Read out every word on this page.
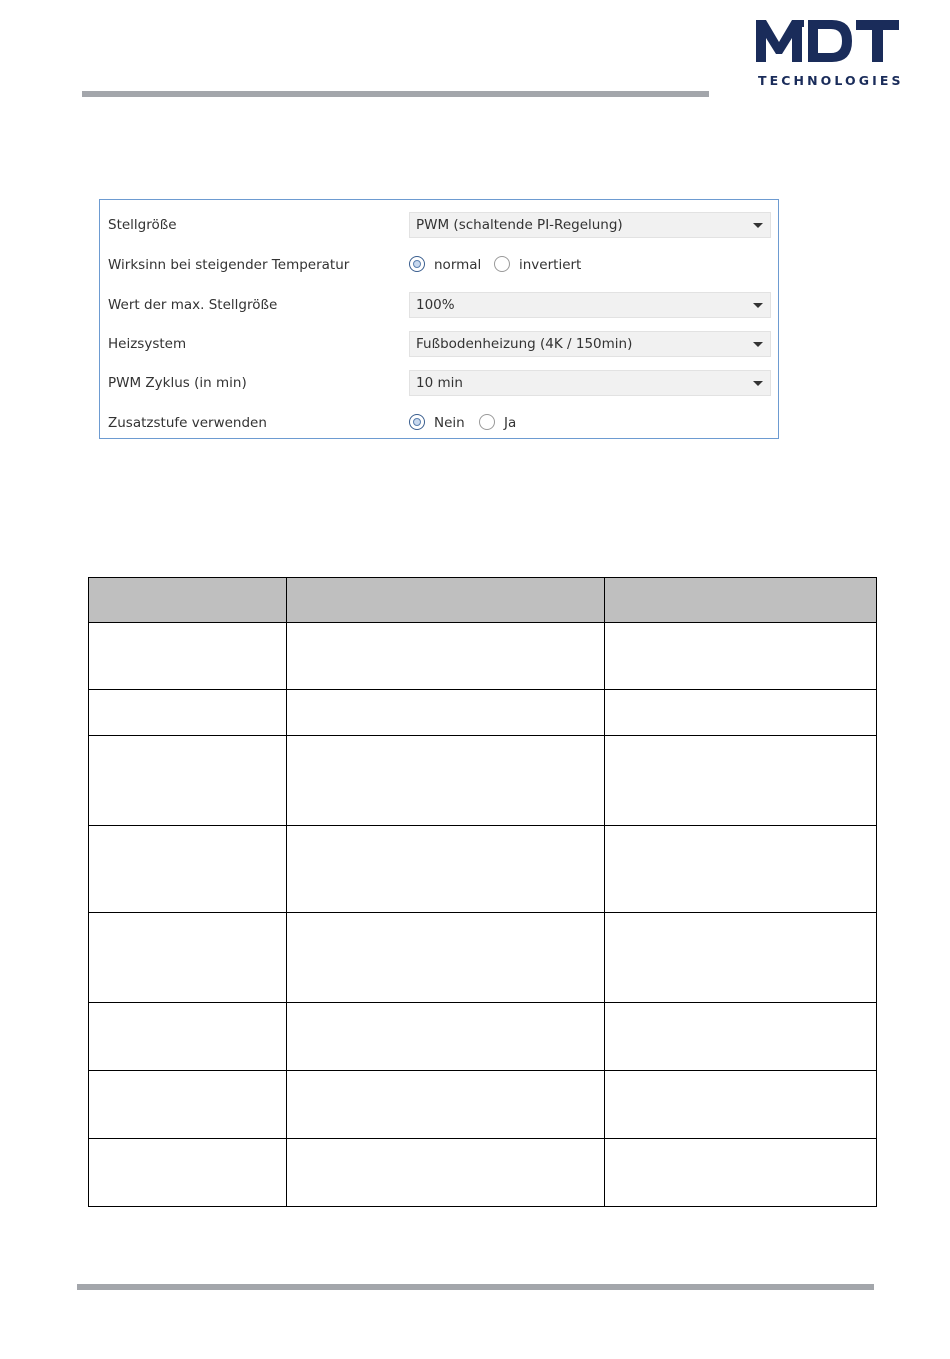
TECHNOLOGIES
Stellgröße	PWM (schaltende PI-Regelung)
Wirksinn bei steigender Temperatur	normal	invertiert
Wert der max. Stellgröße	100%
Heizsystem	Fußbodenheizung (4K / 150min)
PWM Zyklus (in min)	10 min
Zusatzstufe verwenden	Nein	Ja
